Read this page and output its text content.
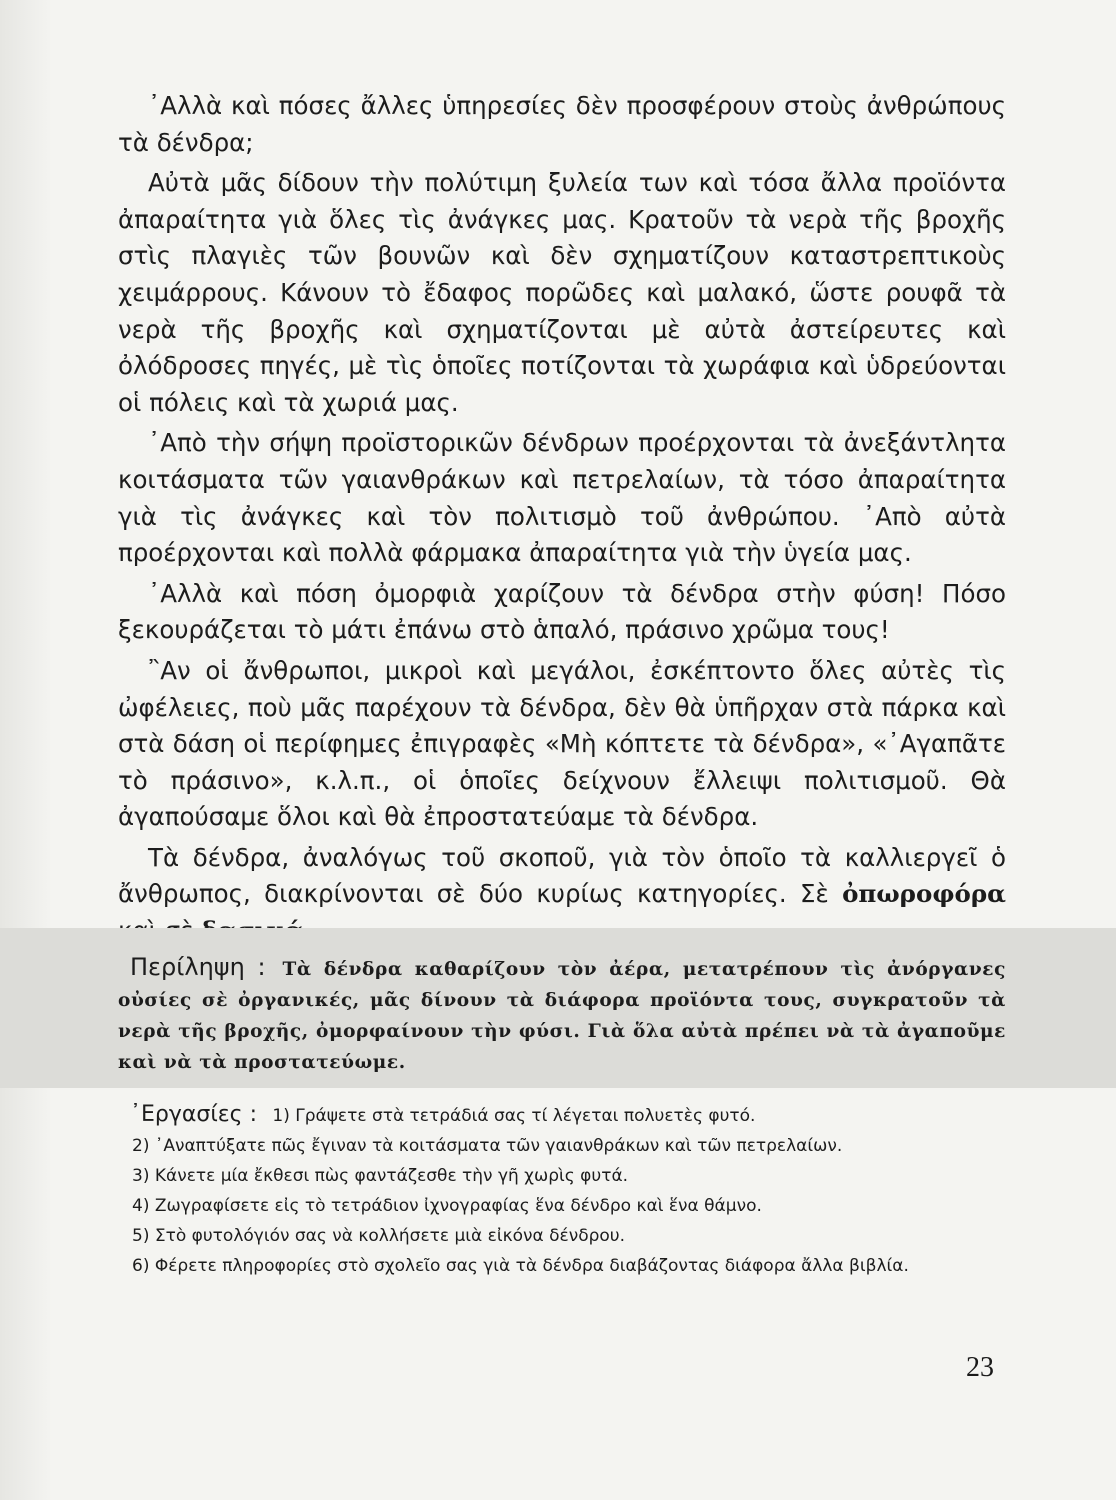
᾿Αλλὰ καὶ πόσες ἄλλες ὑπηρεσίες δὲν προσφέρουν στοὺς ἀνθρώπους τὰ δένδρα;

Αὐτὰ μᾶς δίδουν τὴν πολύτιμη ξυλεία των καὶ τόσα ἄλλα προϊόντα ἀπαραίτητα γιὰ ὅλες τὶς ἀνάγκες μας. Κρατοῦν τὰ νερὰ τῆς βροχῆς στὶς πλαγιὲς τῶν βουνῶν καὶ δὲν σχηματίζουν καταστρεπτικοὺς χειμάρρους. Κάνουν τὸ ἔδαφος πορῶδες καὶ μαλακό, ὥστε ρουφᾶ τὰ νερὰ τῆς βροχῆς καὶ σχηματίζονται μὲ αὐτὰ ἀστείρευτες καὶ ὀλόδροσες πηγές, μὲ τὶς ὁποῖες ποτίζονται τὰ χωράφια καὶ ὑδρεύονται οἱ πόλεις καὶ τὰ χωριά μας.

᾿Απὸ τὴν σήψη προϊστορικῶν δένδρων προέρχονται τὰ ἀνεξάντλητα κοιτάσματα τῶν γαιανθράκων καὶ πετρελαίων, τὰ τόσο ἀπαραίτητα γιὰ τὶς ἀνάγκες καὶ τὸν πολιτισμὸ τοῦ ἀνθρώπου. ᾿Απὸ αὐτὰ προέρχονται καὶ πολλὰ φάρμακα ἀπαραίτητα γιὰ τὴν ὑγεία μας.

᾿Αλλὰ καὶ πόση ὀμορφιὰ χαρίζουν τὰ δένδρα στὴν φύση! Πόσο ξεκουράζεται τὸ μάτι ἐπάνω στὸ ἁπαλό, πράσινο χρῶμα τους!

῍Αν οἱ ἄνθρωποι, μικροὶ καὶ μεγάλοι, ἐσκέπτοντο ὅλες αὐτὲς τὶς ὠφέλειες, ποὺ μᾶς παρέχουν τὰ δένδρα, δὲν θὰ ὑπῆρχαν στὰ πάρκα καὶ στὰ δάση οἱ περίφημες ἐπιγραφὲς «Μὴ κόπτετε τὰ δένδρα», «᾿Αγαπᾶτε τὸ πράσινο», κ.λ.π., οἱ ὁποῖες δείχνουν ἔλλειψι πολιτισμοῦ. Θὰ ἀγαπούσαμε ὅλοι καὶ θὰ ἐπροστατεύαμε τὰ δένδρα.

Τὰ δένδρα, ἀναλόγως τοῦ σκοποῦ, γιὰ τὸν ὁποῖο τὰ καλλιεργεῖ ὁ ἄνθρωπος, διακρίνονται σὲ δύο κυρίως κατηγορίες. Σὲ ὀπωροφόρα

Περίληψη : Τὰ δένδρα καθαρίζουν τὸν ἀέρα, μετατρέπουν τὶς ἀνόργανες οὐσίες σὲ ὀργανικές, μᾶς δίνουν τὰ διάφορα προϊόντα τους, συγκρατοῦν τὰ νερὰ τῆς βροχῆς, ὀμορφαίνουν τὴν φύσι. Γιὰ ὅλα αὐτὰ πρέπει νὰ τὰ ἀγαποῦμε καὶ νὰ τὰ προστατεύωμε.
᾿Εργασίες : 1) Γράψετε στὰ τετράδιά σας τί λέγεται πολυετὲς φυτό.
2) ᾿Αναπτύξατε πῶς ἔγιναν τὰ κοιτάσματα τῶν γαιανθράκων καὶ τῶν πετρελαίων.
3) Κάνετε μία ἔκθεσι πὼς φαντάζεσθε τὴν γῆ χωρὶς φυτά.
4) Ζωγραφίσετε εἰς τὸ τετράδιον ἰχνογραφίας ἕνα δένδρο καὶ ἕνα θάμνο.
5) Στὸ φυτολόγιόν σας νὰ κολλήσετε μιὰ εἰκόνα δένδρου.
6) Φέρετε πληροφορίες στὸ σχολεῖο σας γιὰ τὰ δένδρα διαβάζοντας διάφορα ἄλλα βιβλία.
23
